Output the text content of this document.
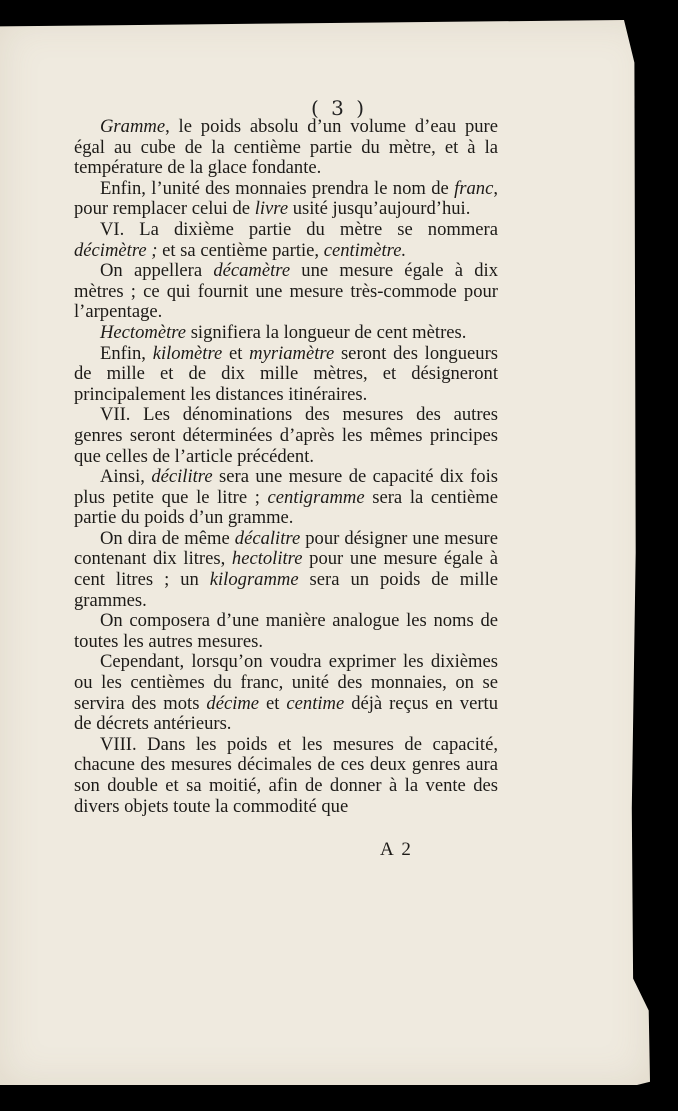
( 3 )

Gramme, le poids absolu d’un volume d’eau pure égal au cube de la centième partie du mètre, et à la température de la glace fondante.

Enfin, l’unité des monnaies prendra le nom de franc, pour remplacer celui de livre usité jusqu’aujourd’hui.

VI. La dixième partie du mètre se nommera décimètre ; et sa centième partie, centimètre.

On appellera décamètre une mesure égale à dix mètres ; ce qui fournit une mesure très-commode pour l’arpentage.

Hectomètre signifiera la longueur de cent mètres.

Enfin, kilomètre et myriamètre seront des longueurs de mille et de dix mille mètres, et désigneront principalement les distances itinéraires.

VII. Les dénominations des mesures des autres genres seront déterminées d’après les mêmes principes que celles de l’article précédent.

Ainsi, décilitre sera une mesure de capacité dix fois plus petite que le litre ; centigramme sera la centième partie du poids d’un gramme.

On dira de même décalitre pour désigner une mesure contenant dix litres, hectolitre pour une mesure égale à cent litres ; un kilogramme sera un poids de mille grammes.

On composera d’une manière analogue les noms de toutes les autres mesures.

Cependant, lorsqu’on voudra exprimer les dixièmes ou les centièmes du franc, unité des monnaies, on se servira des mots décime et centime déjà reçus en vertu de décrets antérieurs.

VIII. Dans les poids et les mesures de capacité, chacune des mesures décimales de ces deux genres aura son double et sa moitié, afin de donner à la vente des divers objets toute la commodité que

A 2
